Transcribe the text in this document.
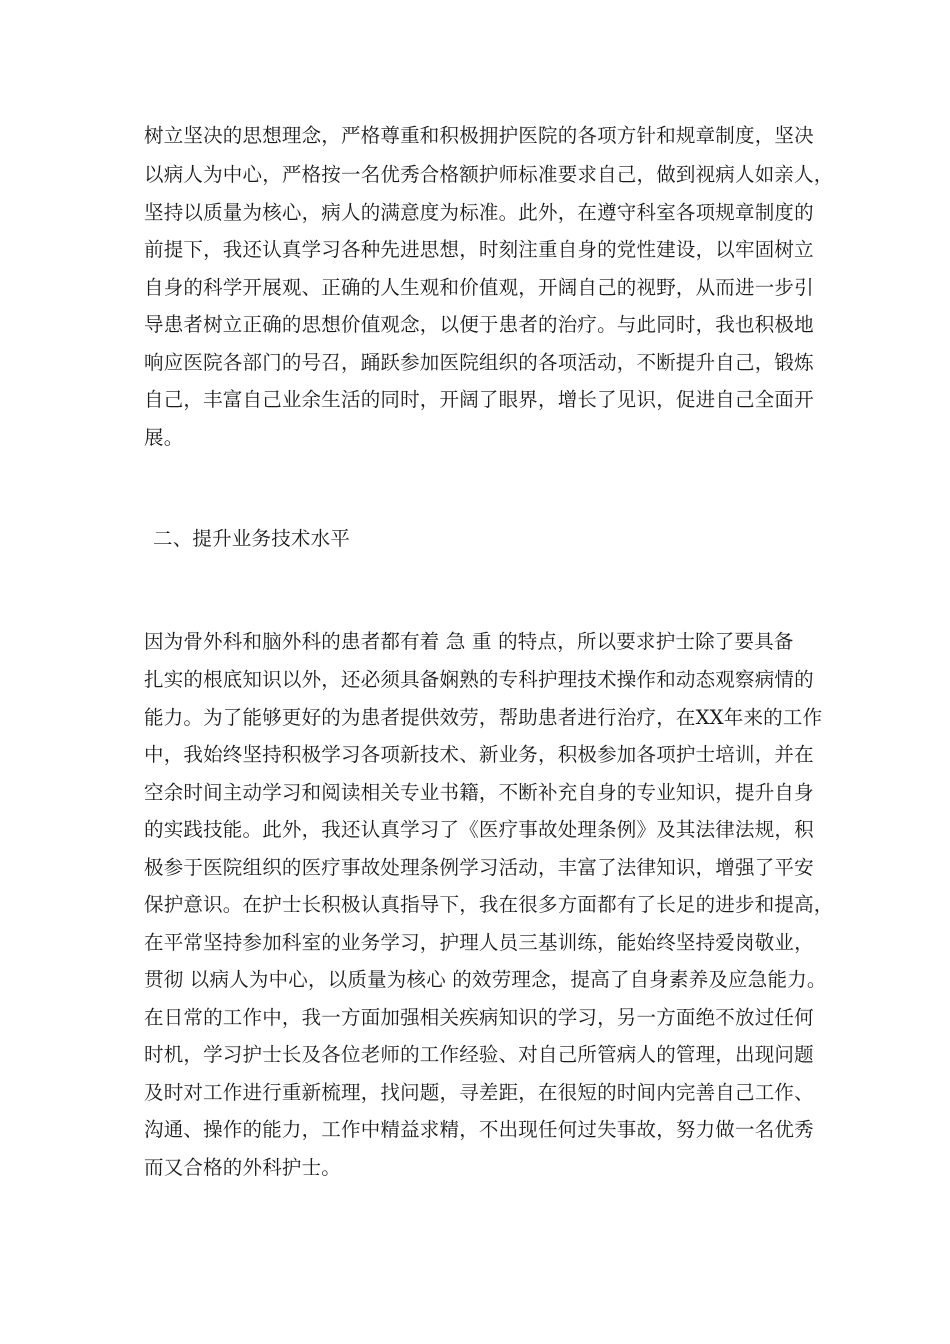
树立坚决的思想理念，严格尊重和积极拥护医院的各项方针和规章制度，坚决
以病人为中心，严格按一名优秀合格额护师标准要求自己，做到视病人如亲人，
坚持以质量为核心，病人的满意度为标准。此外，在遵守科室各项规章制度的
前提下，我还认真学习各种先进思想，时刻注重自身的党性建设，以牢固树立
自身的科学开展观、正确的人生观和价值观，开阔自己的视野，从而进一步引
导患者树立正确的思想价值观念，以便于患者的治疗。与此同时，我也积极地
响应医院各部门的号召，踊跃参加医院组织的各项活动，不断提升自己，锻炼
自己，丰富自己业余生活的同时，开阔了眼界，增长了见识，促进自己全面开
展。
二、提升业务技术水平
因为骨外科和脑外科的患者都有着 急 重 的特点，所以要求护士除了要具备
扎实的根底知识以外，还必须具备娴熟的专科护理技术操作和动态观察病情的
能力。为了能够更好的为患者提供效劳，帮助患者进行治疗，在XX年来的工作
中，我始终坚持积极学习各项新技术、新业务，积极参加各项护士培训，并在
空余时间主动学习和阅读相关专业书籍，不断补充自身的专业知识，提升自身
的实践技能。此外，我还认真学习了《医疗事故处理条例》及其法律法规，积
极参于医院组织的医疗事故处理条例学习活动，丰富了法律知识，增强了平安
保护意识。在护士长积极认真指导下，我在很多方面都有了长足的进步和提高，
在平常坚持参加科室的业务学习，护理人员三基训练，能始终坚持爱岗敬业，
贯彻 以病人为中心，以质量为核心 的效劳理念，提高了自身素养及应急能力。
在日常的工作中，我一方面加强相关疾病知识的学习，另一方面绝不放过任何
时机，学习护士长及各位老师的工作经验、对自己所管病人的管理，出现问题
及时对工作进行重新梳理，找问题，寻差距，在很短的时间内完善自己工作、
沟通、操作的能力，工作中精益求精，不出现任何过失事故，努力做一名优秀
而又合格的外科护士。
